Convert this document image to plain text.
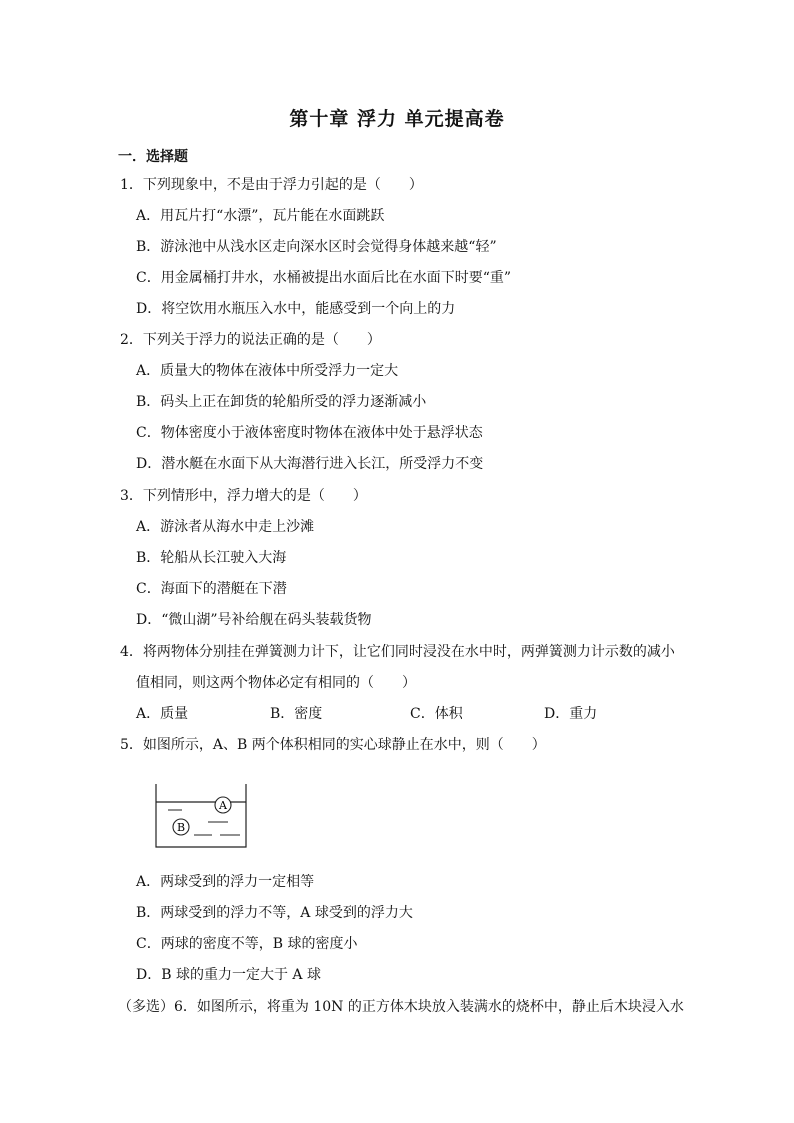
第十章 浮力 单元提高卷
一．选择题
1．下列现象中，不是由于浮力引起的是（　　）
A．用瓦片打“水漂”，瓦片能在水面跳跃
B．游泳池中从浅水区走向深水区时会觉得身体越来越“轻”
C．用金属桶打井水，水桶被提出水面后比在水面下时要“重”
D．将空饮用水瓶压入水中，能感受到一个向上的力
2．下列关于浮力的说法正确的是（　　）
A．质量大的物体在液体中所受浮力一定大
B．码头上正在卸货的轮船所受的浮力逐渐减小
C．物体密度小于液体密度时物体在液体中处于悬浮状态
D．潜水艇在水面下从大海潜行进入长江，所受浮力不变
3．下列情形中，浮力增大的是（　　）
A．游泳者从海水中走上沙滩
B．轮船从长江驶入大海
C．海面下的潜艇在下潜
D．“微山湖”号补给舰在码头装载货物
4．将两物体分别挂在弹簧测力计下，让它们同时浸没在水中时，两弹簧测力计示数的减小
值相同，则这两个物体必定有相同的（　　）
A．质量	B．密度	C．体积	D．重力
5．如图所示，A、B 两个体积相同的实心球静止在水中，则（　　）
A
B
A．两球受到的浮力一定相等
B．两球受到的浮力不等，A 球受到的浮力大
C．两球的密度不等，B 球的密度小
D．B 球的重力一定大于 A 球
（多选）6．如图所示，将重为 10N 的正方体木块放入装满水的烧杯中，静止后木块浸入水
